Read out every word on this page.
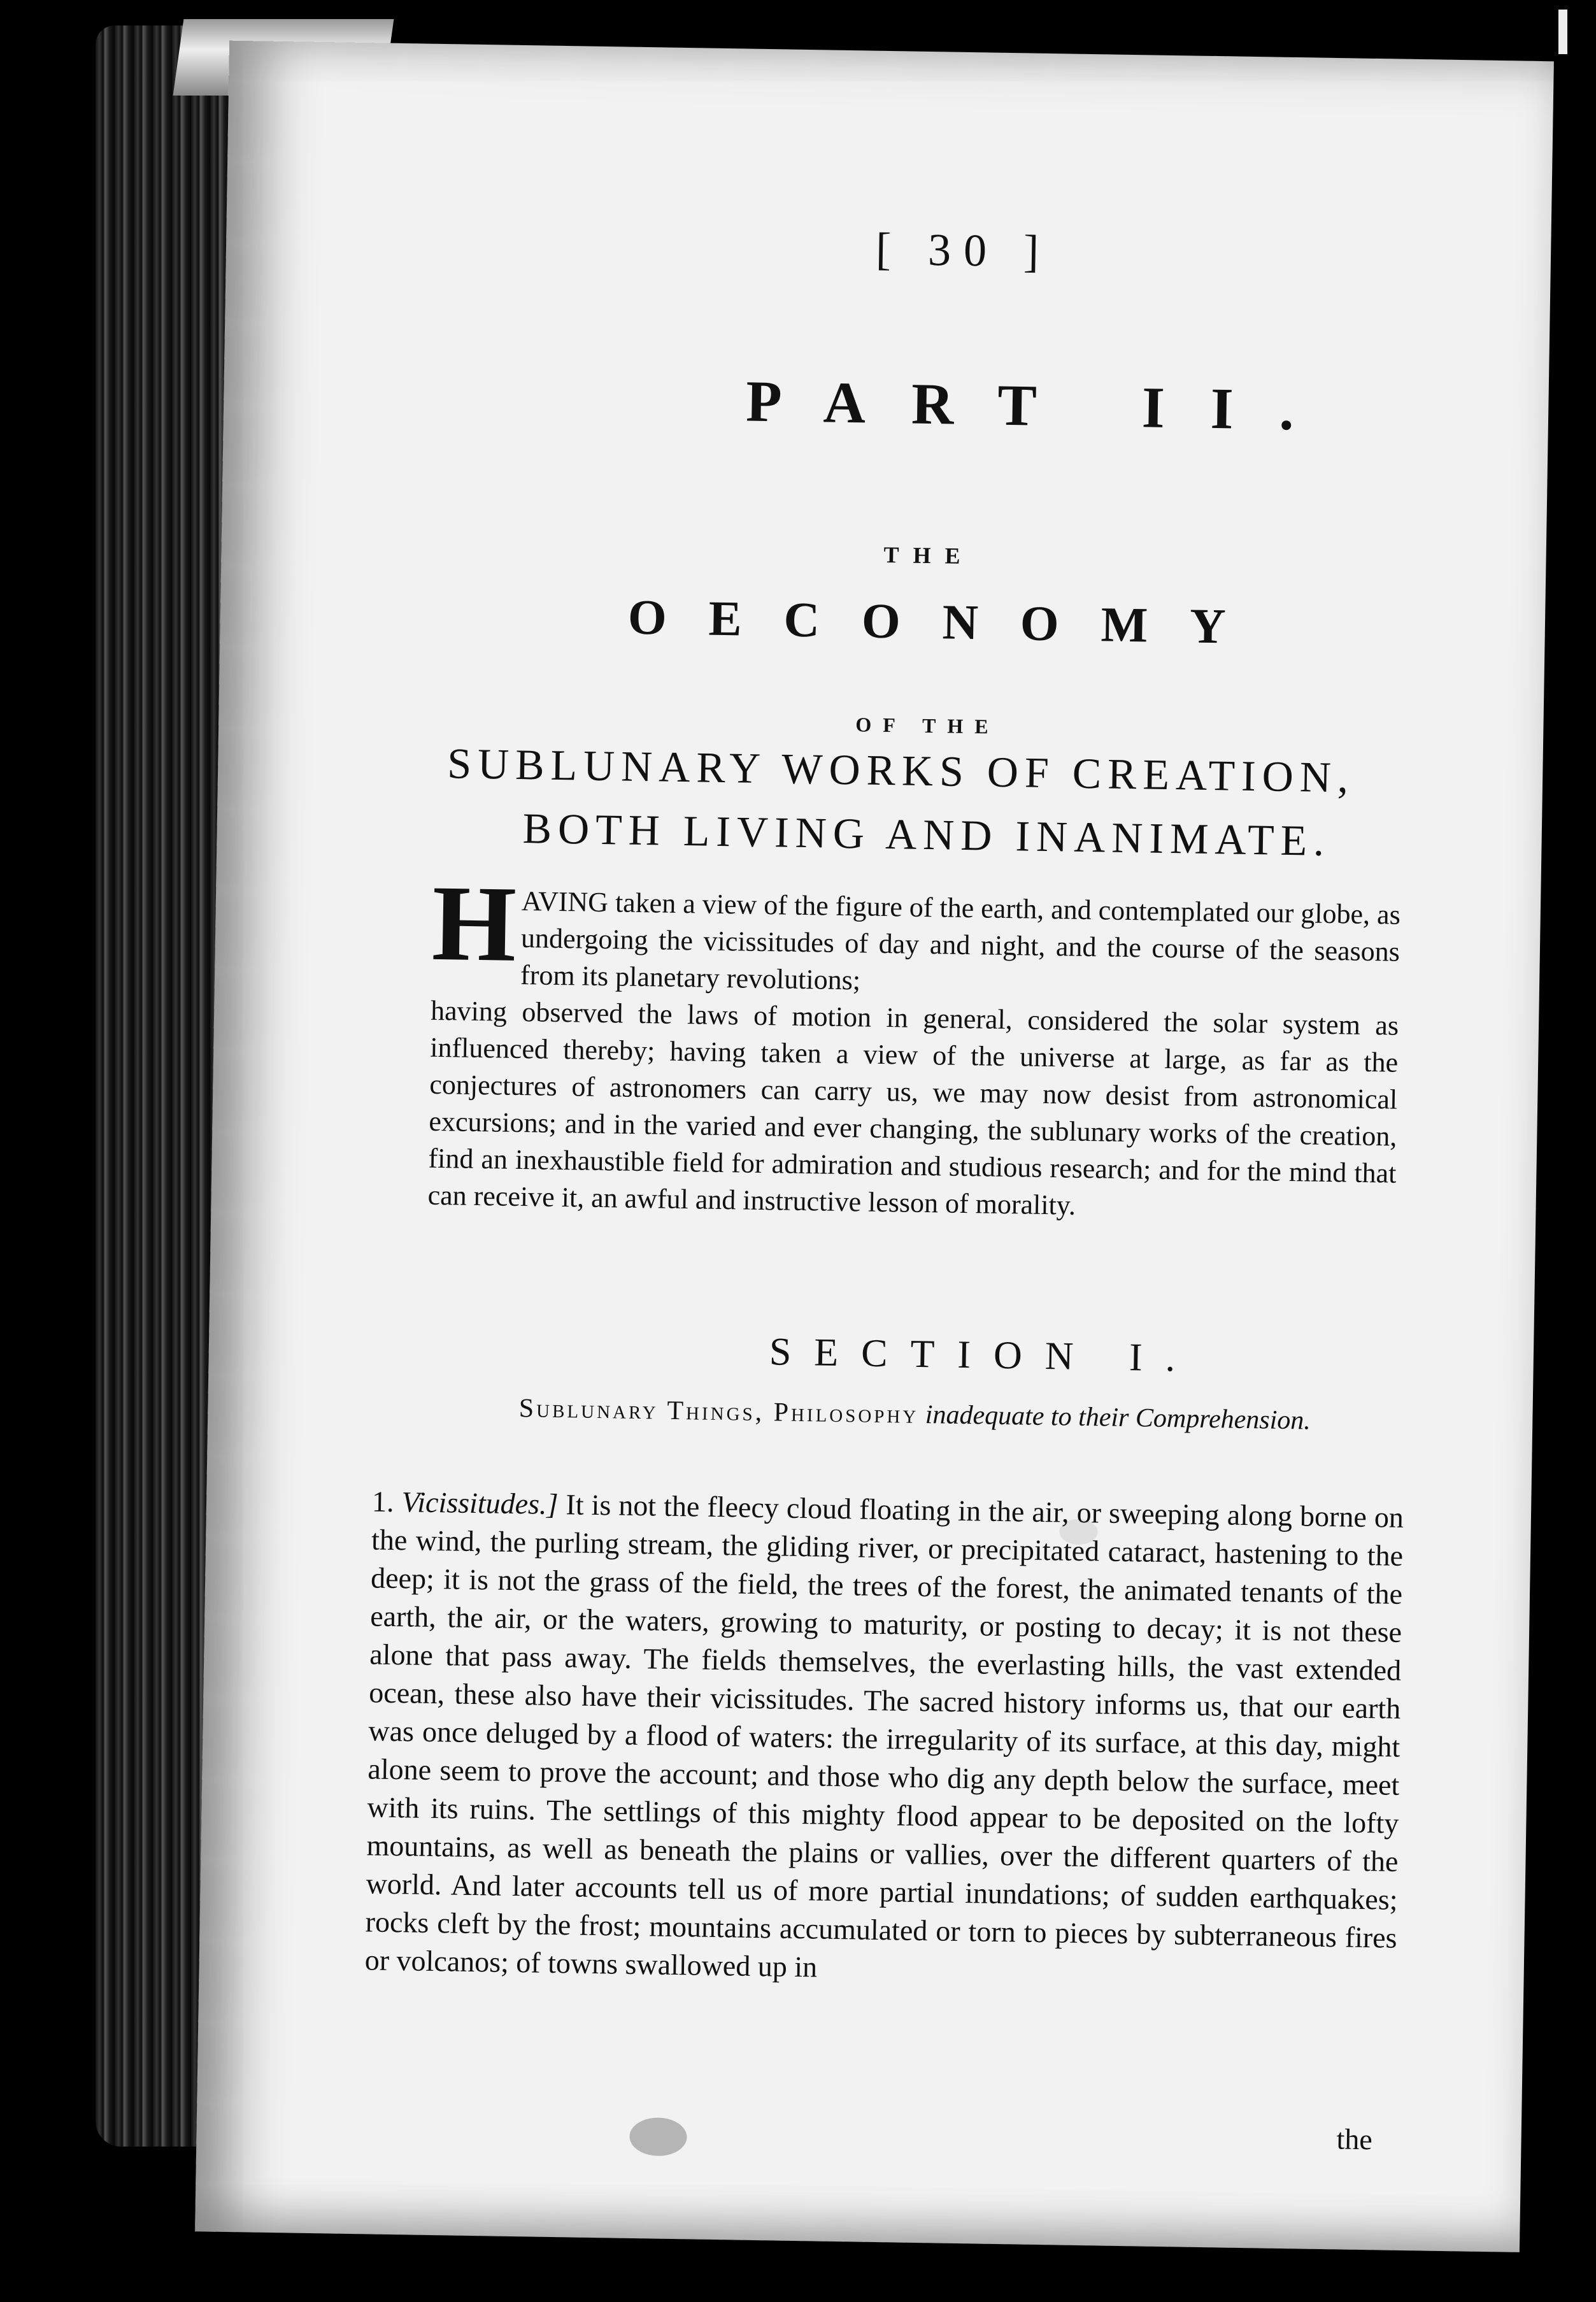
[ 30 ]
PART II.
THE
OECONOMY
OF THE
SUBLUNARY WORKS OF CREATION,
BOTH LIVING AND INANIMATE.
H AVING taken a view of the figure of the earth, and contemplated our globe, as undergoing the vicissitudes of day and night, and the course of the seasons from its planetary revolutions;
having observed the laws of motion in general, considered the solar system as influenced thereby; having taken a view of the universe at large, as far as the conjectures of astronomers can carry us, we may now desist from astronomical excursions; and in the varied and ever changing, the sublunary works of the creation, find an inexhaustible field for admiration and studious research; and for the mind that can receive it, an awful and instructive lesson of morality.
SECTION I.
Sublunary Things, Philosophy inadequate to their Comprehension.
1. Vicissitudes.] It is not the fleecy cloud floating in the air, or sweeping along borne on the wind, the purling stream, the gliding river, or precipitated cataract, hastening to the deep; it is not the grass of the field, the trees of the forest, the animated tenants of the earth, the air, or the waters, growing to maturity, or posting to decay; it is not these alone that pass away. The fields themselves, the everlasting hills, the vast extended ocean, these also have their vicissitudes. The sacred history informs us, that our earth was once deluged by a flood of waters: the irregularity of its surface, at this day, might alone seem to prove the account; and those who dig any depth below the surface, meet with its ruins. The settlings of this mighty flood appear to be deposited on the lofty mountains, as well as beneath the plains or vallies, over the different quarters of the world. And later accounts tell us of more partial inundations; of sudden earthquakes; rocks cleft by the frost; mountains accumulated or torn to pieces by subterraneous fires or volcanos; of towns swallowed up in
the
